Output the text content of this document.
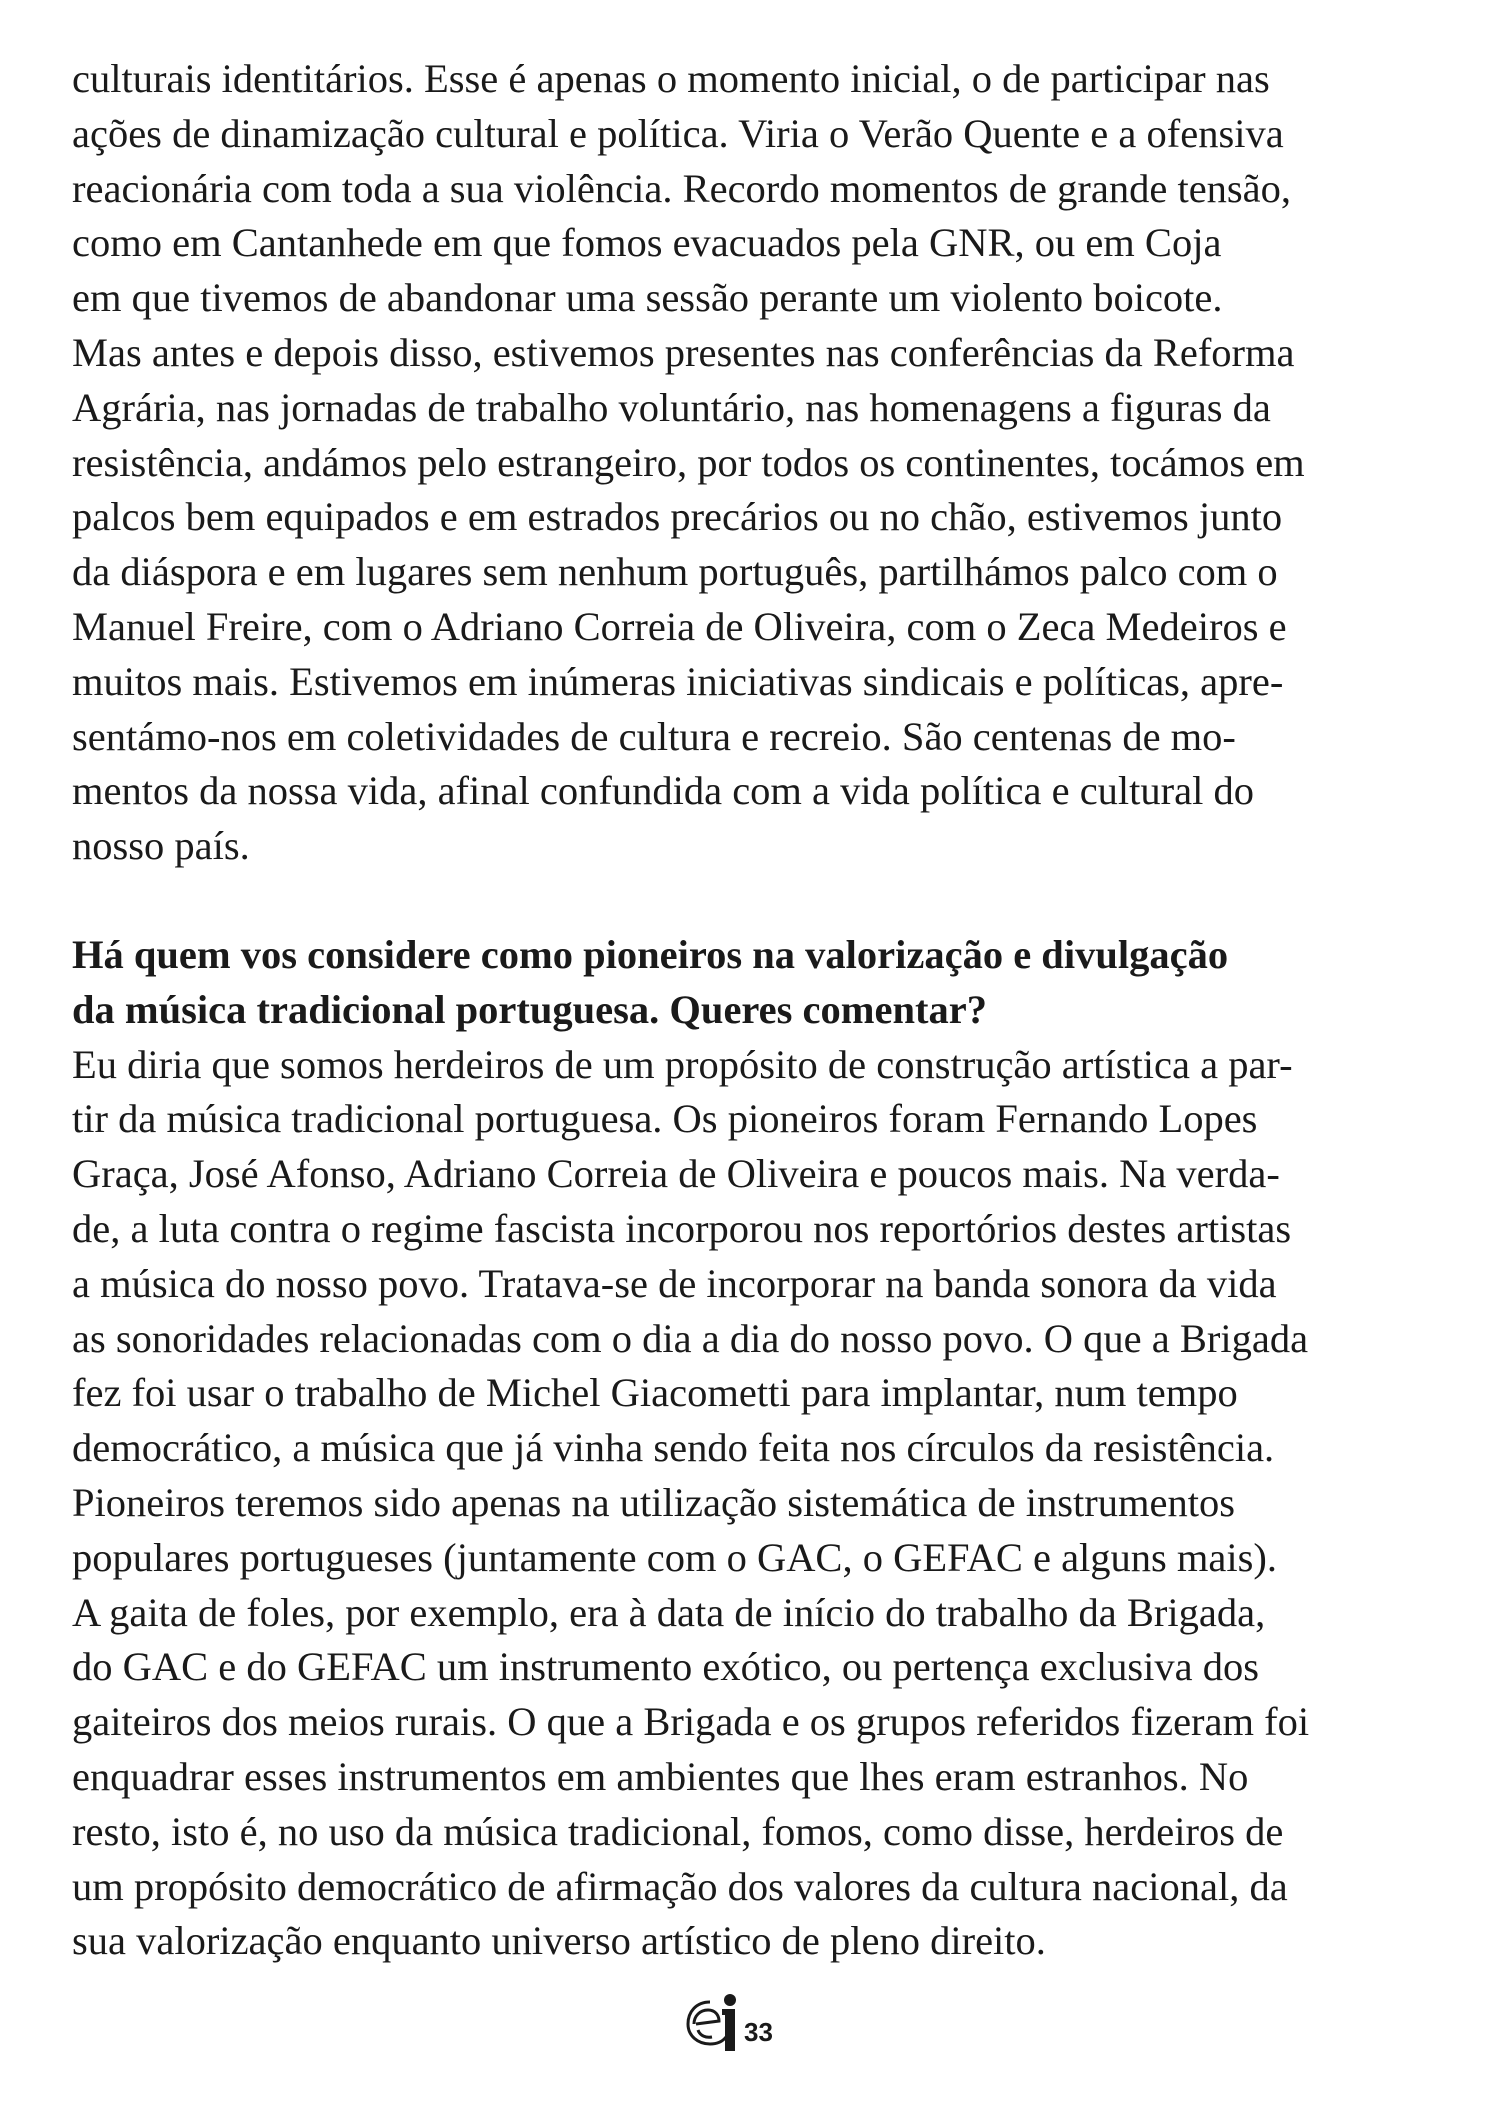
culturais identitários. Esse é apenas o momento inicial, o de participar nas
ações de dinamização cultural e política. Viria o Verão Quente e a ofensiva
reacionária com toda a sua violência. Recordo momentos de grande tensão,
como em Cantanhede em que fomos evacuados pela GNR, ou em Coja
em que tivemos de abandonar uma sessão perante um violento boicote.
Mas antes e depois disso, estivemos presentes nas conferências da Reforma
Agrária, nas jornadas de trabalho voluntário, nas homenagens a figuras da
resistência, andámos pelo estrangeiro, por todos os continentes, tocámos em
palcos bem equipados e em estrados precários ou no chão, estivemos junto
da diáspora e em lugares sem nenhum português, partilhámos palco com o
Manuel Freire, com o Adriano Correia de Oliveira, com o Zeca Medeiros e
muitos mais. Estivemos em inúmeras iniciativas sindicais e políticas, apre-
sentámo-nos em coletividades de cultura e recreio. São centenas de mo-
mentos da nossa vida, afinal confundida com a vida política e cultural do
nosso país.
Há quem vos considere como pioneiros na valorização e divulgação
da música tradicional portuguesa. Queres comentar?
Eu diria que somos herdeiros de um propósito de construção artística a par-
tir da música tradicional portuguesa. Os pioneiros foram Fernando Lopes
Graça, José Afonso, Adriano Correia de Oliveira e poucos mais. Na verda-
de, a luta contra o regime fascista incorporou nos reportórios destes artistas
a música do nosso povo. Tratava-se de incorporar na banda sonora da vida
as sonoridades relacionadas com o dia a dia do nosso povo. O que a Brigada
fez foi usar o trabalho de Michel Giacometti para implantar, num tempo
democrático, a música que já vinha sendo feita nos círculos da resistência.
Pioneiros teremos sido apenas na utilização sistemática de instrumentos
populares portugueses (juntamente com o GAC, o GEFAC e alguns mais).
A gaita de foles, por exemplo, era à data de início do trabalho da Brigada,
do GAC e do GEFAC um instrumento exótico, ou pertença exclusiva dos
gaiteiros dos meios rurais. O que a Brigada e os grupos referidos fizeram foi
enquadrar esses instrumentos em ambientes que lhes eram estranhos. No
resto, isto é, no uso da música tradicional, fomos, como disse, herdeiros de
um propósito democrático de afirmação dos valores da cultura nacional, da
sua valorização enquanto universo artístico de pleno direito.
33
